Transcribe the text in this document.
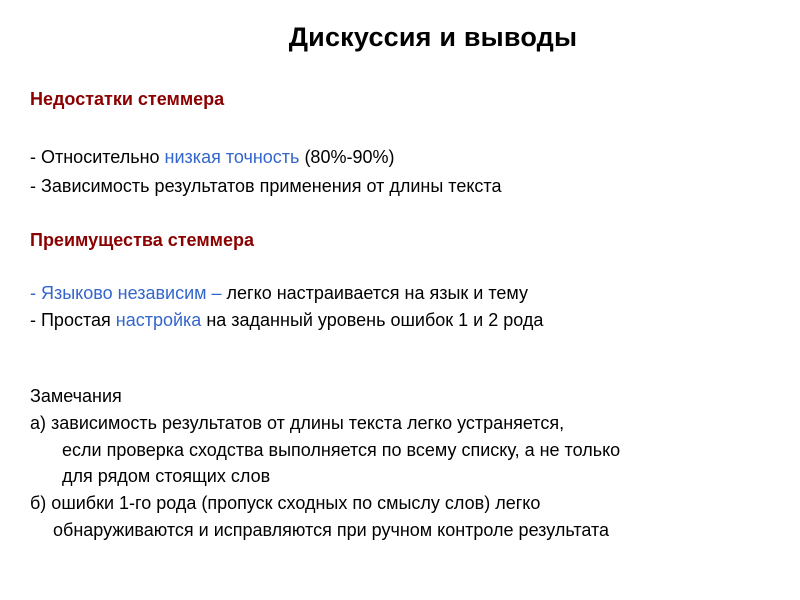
Дискуссия и выводы
Недостатки стеммера
- Относительно низкая точность (80%-90%)
- Зависимость результатов применения от длины текста
Преимущества стеммера
- Языково независим – легко настраивается на язык и тему
- Простая настройка на заданный уровень ошибок 1 и 2 рода
Замечания
а) зависимость результатов от длины текста легко устраняется,
если проверка сходства выполняется по всему списку, а не только
для рядом стоящих слов
б) ошибки 1-го рода (пропуск сходных по смыслу слов) легко
обнаруживаются и исправляются при ручном контроле результата
